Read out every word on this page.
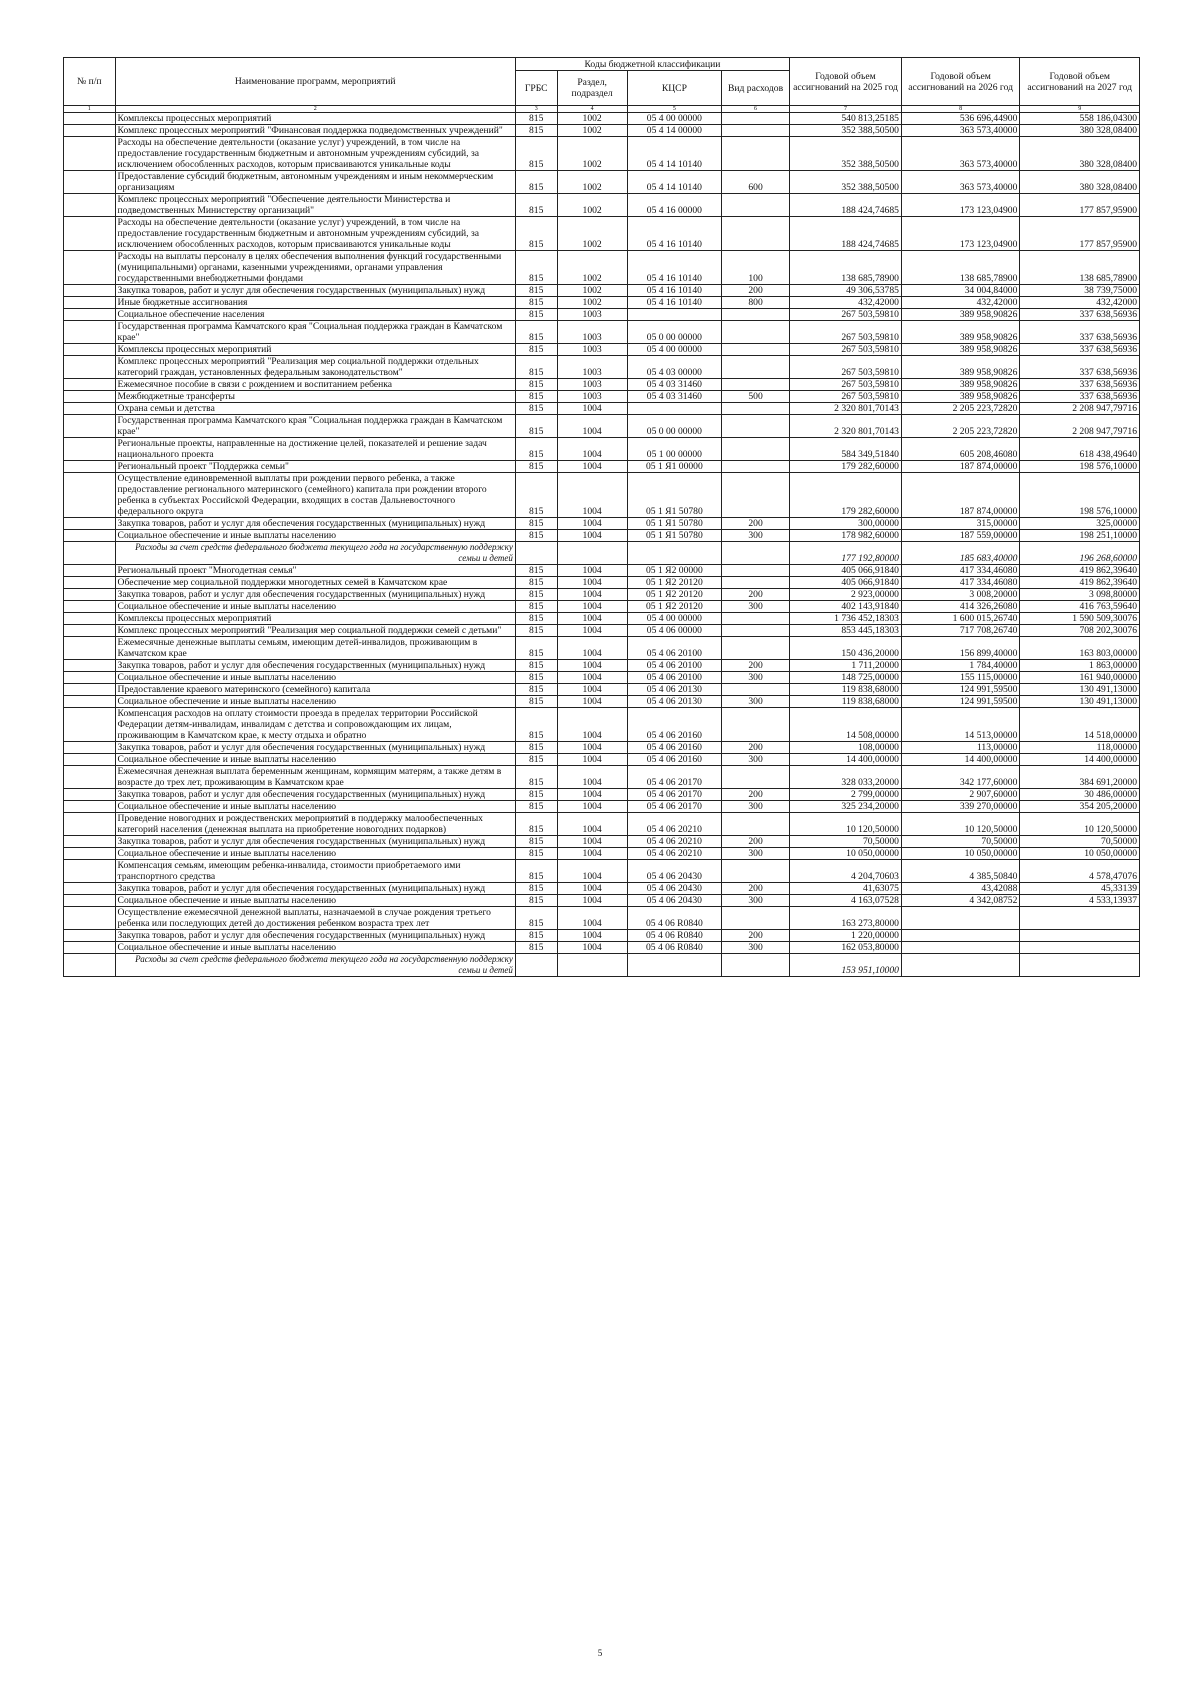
№ п/п	Наименование программ, мероприятий	Коды бюджетной классификации				Годовой объем ассигнований на 2025 год	Годовой объем ассигнований на 2026 год	Годовой объем ассигнований на 2027 год
		ГРБС	Раздел, подраздел	КЦСР	Вид расходов			
1	2	3	4	5	6	7	8	9
	Комплексы процессных мероприятий	815	1002	05 4 00 00000		540 813,25185	536 696,44900	558 186,04300
	Комплекс процессных мероприятий "Финансовая поддержка подведомственных учреждений"	815	1002	05 4 14 00000		352 388,50500	363 573,40000	380 328,08400
	Расходы на обеспечение деятельности (оказание услуг) учреждений, в том числе на предоставление государственным бюджетным и автономным учреждениям субсидий, за исключением обособленных расходов, которым присваиваются уникальные коды	815	1002	05 4 14 10140		352 388,50500	363 573,40000	380 328,08400
	Предоставление субсидий бюджетным, автономным учреждениям и иным некоммерческим организациям	815	1002	05 4 14 10140	600	352 388,50500	363 573,40000	380 328,08400
	Комплекс процессных мероприятий "Обеспечение деятельности Министерства и подведомственных Министерству организаций"	815	1002	05 4 16 00000		188 424,74685	173 123,04900	177 857,95900
	Расходы на обеспечение деятельности (оказание услуг) учреждений, в том числе на предоставление государственным бюджетным и автономным учреждениям субсидий, за исключением обособленных расходов, которым присваиваются уникальные коды	815	1002	05 4 16 10140		188 424,74685	173 123,04900	177 857,95900
	Расходы на выплаты персоналу в целях обеспечения выполнения функций государственными (муниципальными) органами, казенными учреждениями, органами управления государственными внебюджетными фондами	815	1002	05 4 16 10140	100	138 685,78900	138 685,78900	138 685,78900
	Закупка товаров, работ и услуг для обеспечения государственных (муниципальных) нужд	815	1002	05 4 16 10140	200	49 306,53785	34 004,84000	38 739,75000
	Иные бюджетные ассигнования	815	1002	05 4 16 10140	800	432,42000	432,42000	432,42000
	Социальное обеспечение населения	815	1003			267 503,59810	389 958,90826	337 638,56936
	Государственная программа Камчатского края "Социальная поддержка граждан в Камчатском крае"	815	1003	05 0 00 00000		267 503,59810	389 958,90826	337 638,56936
	Комплексы процессных мероприятий	815	1003	05 4 00 00000		267 503,59810	389 958,90826	337 638,56936
	Комплекс процессных мероприятий "Реализация мер социальной поддержки отдельных категорий граждан, установленных федеральным законодательством"	815	1003	05 4 03 00000		267 503,59810	389 958,90826	337 638,56936
	Ежемесячное пособие в связи с рождением и воспитанием ребенка	815	1003	05 4 03 31460		267 503,59810	389 958,90826	337 638,56936
	Межбюджетные трансферты	815	1003	05 4 03 31460	500	267 503,59810	389 958,90826	337 638,56936
	Охрана семьи и детства	815	1004			2 320 801,70143	2 205 223,72820	2 208 947,79716
	Государственная программа Камчатского края "Социальная поддержка граждан в Камчатском крае"	815	1004	05 0 00 00000		2 320 801,70143	2 205 223,72820	2 208 947,79716
	Региональные проекты, направленные на достижение целей, показателей и решение задач национального проекта	815	1004	05 1 00 00000		584 349,51840	605 208,46080	618 438,49640
	Региональный проект "Поддержка семьи"	815	1004	05 1 Я1 00000		179 282,60000	187 874,00000	198 576,10000
	Осуществление единовременной выплаты при рождении первого ребенка, а также предоставление регионального материнского (семейного) капитала при рождении второго ребенка в субъектах Российской Федерации, входящих в состав Дальневосточного федерального округа	815	1004	05 1 Я1 50780		179 282,60000	187 874,00000	198 576,10000
	Закупка товаров, работ и услуг для обеспечения государственных (муниципальных) нужд	815	1004	05 1 Я1 50780	200	300,00000	315,00000	325,00000
	Социальное обеспечение и иные выплаты населению	815	1004	05 1 Я1 50780	300	178 982,60000	187 559,00000	198 251,10000
	Расходы за счет средств федерального бюджета текущего года на государственную поддержку семьи и детей					177 192,80000	185 683,40000	196 268,60000
	Региональный проект "Многодетная семья"	815	1004	05 1 Я2 00000		405 066,91840	417 334,46080	419 862,39640
	Обеспечение мер социальной поддержки многодетных семей в Камчатском крае	815	1004	05 1 Я2 20120		405 066,91840	417 334,46080	419 862,39640
	Закупка товаров, работ и услуг для обеспечения государственных (муниципальных) нужд	815	1004	05 1 Я2 20120	200	2 923,00000	3 008,20000	3 098,80000
	Социальное обеспечение и иные выплаты населению	815	1004	05 1 Я2 20120	300	402 143,91840	414 326,26080	416 763,59640
	Комплексы процессных мероприятий	815	1004	05 4 00 00000		1 736 452,18303	1 600 015,26740	1 590 509,30076
	Комплекс процессных мероприятий "Реализация мер социальной поддержки семей с детьми"	815	1004	05 4 06 00000		853 445,18303	717 708,26740	708 202,30076
	Ежемесячные денежные выплаты семьям, имеющим детей-инвалидов, проживающим в Камчатском крае	815	1004	05 4 06 20100		150 436,20000	156 899,40000	163 803,00000
	Закупка товаров, работ и услуг для обеспечения государственных (муниципальных) нужд	815	1004	05 4 06 20100	200	1 711,20000	1 784,40000	1 863,00000
	Социальное обеспечение и иные выплаты населению	815	1004	05 4 06 20100	300	148 725,00000	155 115,00000	161 940,00000
	Предоставление краевого материнского (семейного) капитала	815	1004	05 4 06 20130		119 838,68000	124 991,59500	130 491,13000
	Социальное обеспечение и иные выплаты населению	815	1004	05 4 06 20130	300	119 838,68000	124 991,59500	130 491,13000
	Компенсация расходов на оплату стоимости проезда в пределах территории Российской Федерации детям-инвалидам, инвалидам с детства и сопровождающим их лицам, проживающим в Камчатском крае, к месту отдыха и обратно	815	1004	05 4 06 20160		14 508,00000	14 513,00000	14 518,00000
	Закупка товаров, работ и услуг для обеспечения государственных (муниципальных) нужд	815	1004	05 4 06 20160	200	108,00000	113,00000	118,00000
	Социальное обеспечение и иные выплаты населению	815	1004	05 4 06 20160	300	14 400,00000	14 400,00000	14 400,00000
	Ежемесячная денежная выплата беременным женщинам, кормящим матерям, а также детям в возрасте до трех лет, проживающим в Камчатском крае	815	1004	05 4 06 20170		328 033,20000	342 177,60000	384 691,20000
	Закупка товаров, работ и услуг для обеспечения государственных (муниципальных) нужд	815	1004	05 4 06 20170	200	2 799,00000	2 907,60000	30 486,00000
	Социальное обеспечение и иные выплаты населению	815	1004	05 4 06 20170	300	325 234,20000	339 270,00000	354 205,20000
	Проведение новогодних и рождественских мероприятий в поддержку малообеспеченных категорий населения (денежная выплата на приобретение новогодних подарков)	815	1004	05 4 06 20210		10 120,50000	10 120,50000	10 120,50000
	Закупка товаров, работ и услуг для обеспечения государственных (муниципальных) нужд	815	1004	05 4 06 20210	200	70,50000	70,50000	70,50000
	Социальное обеспечение и иные выплаты населению	815	1004	05 4 06 20210	300	10 050,00000	10 050,00000	10 050,00000
	Компенсация семьям, имеющим ребенка-инвалида, стоимости приобретаемого ими транспортного средства	815	1004	05 4 06 20430		4 204,70603	4 385,50840	4 578,47076
	Закупка товаров, работ и услуг для обеспечения государственных (муниципальных) нужд	815	1004	05 4 06 20430	200	41,63075	43,42088	45,33139
	Социальное обеспечение и иные выплаты населению	815	1004	05 4 06 20430	300	4 163,07528	4 342,08752	4 533,13937
	Осуществление ежемесячной денежной выплаты, назначаемой в случае рождения третьего ребенка или последующих детей до достижения ребенком возраста трех лет	815	1004	05 4 06 R0840		163 273,80000		
	Закупка товаров, работ и услуг для обеспечения государственных (муниципальных) нужд	815	1004	05 4 06 R0840	200	1 220,00000		
	Социальное обеспечение и иные выплаты населению	815	1004	05 4 06 R0840	300	162 053,80000		
	Расходы за счет средств федерального бюджета текущего года на государственную поддержку семьи и детей					153 951,10000		
5
